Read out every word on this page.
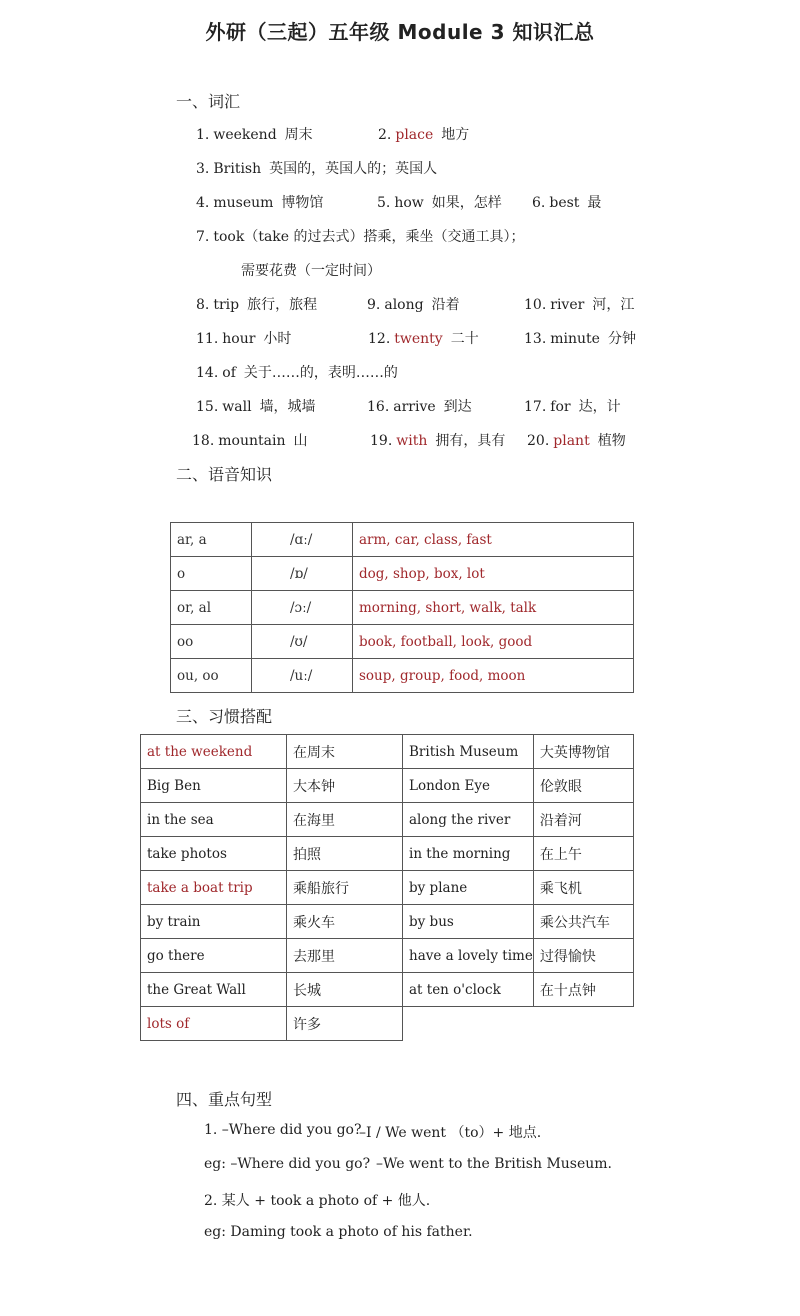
外研（三起）五年级 Module 3 知识汇总
一、词汇
1. weekend 周末	2. place 地方
3. British 英国的，英国人的；英国人
4. museum 博物馆	5. how 如果，怎样 6. best 最
7. took（take 的过去式）搭乘，乘坐（交通工具）；
需要花费（一定时间）
8. trip 旅行，旅程	9. along 沿着	10. river 河，江
11. hour 小时	12. twenty 二十	13. minute 分钟
14. of 关于……的，表明……的
15. wall 墙，城墙	16. arrive 到达	17. for 达，计
18. mountain 山	19. with 拥有，具有 20. plant 植物
二、语音知识
ar, a	/ɑː/	arm, car, class, fast
o	/ɒ/	dog, shop, box, lot
or, al	/ɔː/	morning, short, walk, talk
oo	/ʊ/	book, football, look, good
ou, oo	/uː/	soup, group, food, moon
三、习惯搭配
at the weekend	在周末	British Museum	大英博物馆
Big Ben	大本钟	London Eye	伦敦眼
in the sea	在海里	along the river	沿着河
take photos	拍照	in the morning	在上午
take a boat trip	乘船旅行	by plane	乘飞机
by train	乘火车	by bus	乘公共汽车
go there	去那里	have a lovely time	过得愉快
the Great Wall	长城	at ten o'clock	在十点钟
lots of	许多		
四、重点句型
1. –Where did you go?
–I / We went （to）+ 地点.
eg: –Where did you go? –We went to the British Museum.
2. 某人 + took a photo of + 他人.
eg: Daming took a photo of his father.
